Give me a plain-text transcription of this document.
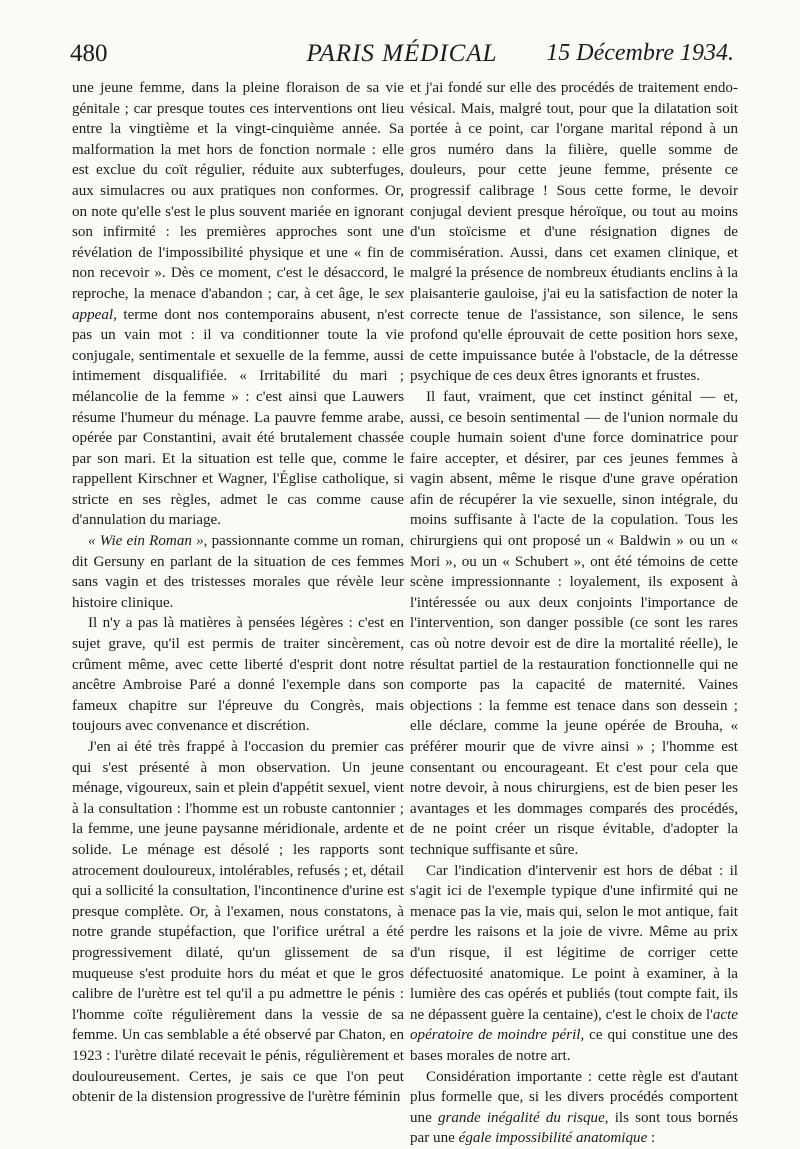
480	PARIS MÉDICAL	15 Décembre 1934.

une jeune femme, dans la pleine floraison de sa vie génitale ; car presque toutes ces interventions ont lieu entre la vingtième et la vingt-cinquième année. Sa malformation la met hors de fonction normale : elle est exclue du coït régulier, réduite aux subterfuges, aux simulacres ou aux pratiques non conformes. Or, on note qu'elle s'est le plus souvent mariée en ignorant son infirmité : les premières approches sont une révélation de l'impossibilité physique et une « fin de non recevoir ». Dès ce moment, c'est le désaccord, le reproche, la menace d'abandon ; car, à cet âge, le sex appeal, terme dont nos contemporains abusent, n'est pas un vain mot : il va conditionner toute la vie conjugale, sentimentale et sexuelle de la femme, aussi intimement disqualifiée. « Irritabilité du mari ; mélancolie de la femme » : c'est ainsi que Lauwers résume l'humeur du ménage. La pauvre femme arabe, opérée par Constantini, avait été brutalement chassée par son mari. Et la situation est telle que, comme le rappellent Kirschner et Wagner, l'Église catholique, si stricte en ses règles, admet le cas comme cause d'annulation du mariage.

« Wie ein Roman », passionnante comme un roman, dit Gersuny en parlant de la situation de ces femmes sans vagin et des tristesses morales que révèle leur histoire clinique.

Il n'y a pas là matières à pensées légères : c'est en sujet grave, qu'il est permis de traiter sincèrement, crûment même, avec cette liberté d'esprit dont notre ancêtre Ambroise Paré a donné l'exemple dans son fameux chapitre sur l'épreuve du Congrès, mais toujours avec convenance et discrétion.

J'en ai été très frappé à l'occasion du premier cas qui s'est présenté à mon observation. Un jeune ménage, vigoureux, sain et plein d'appétit sexuel, vient à la consultation : l'homme est un robuste cantonnier ; la femme, une jeune paysanne méridionale, ardente et solide. Le ménage est désolé ; les rapports sont atrocement douloureux, intolérables, refusés ; et, détail qui a sollicité la consultation, l'incontinence d'urine est presque complète. Or, à l'examen, nous constatons, à notre grande stupéfaction, que l'orifice urétral a été progressivement dilaté, qu'un glissement de sa muqueuse s'est produite hors du méat et que le gros calibre de l'urètre est tel qu'il a pu admettre le pénis : l'homme coïte régulièrement dans la vessie de sa femme. Un cas semblable a été observé par Chaton, en 1923 : l'urètre dilaté recevait le pénis, régulièrement et douloureusement. Certes, je sais ce que l'on peut obtenir de la distension progressive de l'urètre féminin

et j'ai fondé sur elle des procédés de traitement endo-vésical. Mais, malgré tout, pour que la dilatation soit portée à ce point, car l'organe marital répond à un gros numéro dans la filière, quelle somme de douleurs, pour cette jeune femme, présente ce progressif calibrage ! Sous cette forme, le devoir conjugal devient presque héroïque, ou tout au moins d'un stoïcisme et d'une résignation dignes de commisération. Aussi, dans cet examen clinique, et malgré la présence de nombreux étudiants enclins à la plaisanterie gauloise, j'ai eu la satisfaction de noter la correcte tenue de l'assistance, son silence, le sens profond qu'elle éprouvait de cette position hors sexe, de cette impuissance butée à l'obstacle, de la détresse psychique de ces deux êtres ignorants et frustes.

Il faut, vraiment, que cet instinct génital — et, aussi, ce besoin sentimental — de l'union normale du couple humain soient d'une force dominatrice pour faire accepter, et désirer, par ces jeunes femmes à vagin absent, même le risque d'une grave opération afin de récupérer la vie sexuelle, sinon intégrale, du moins suffisante à l'acte de la copulation. Tous les chirurgiens qui ont proposé un « Baldwin » ou un « Mori », ou un « Schubert », ont été témoins de cette scène impressionnante : loyalement, ils exposent à l'intéressée ou aux deux conjoints l'importance de l'intervention, son danger possible (ce sont les rares cas où notre devoir est de dire la mortalité réelle), le résultat partiel de la restauration fonctionnelle qui ne comporte pas la capacité de maternité. Vaines objections : la femme est tenace dans son dessein ; elle déclare, comme la jeune opérée de Brouha, « préférer mourir que de vivre ainsi » ; l'homme est consentant ou encourageant. Et c'est pour cela que notre devoir, à nous chirurgiens, est de bien peser les avantages et les dommages comparés des procédés, de ne point créer un risque évitable, d'adopter la technique suffisante et sûre.

Car l'indication d'intervenir est hors de débat : il s'agit ici de l'exemple typique d'une infirmité qui ne menace pas la vie, mais qui, selon le mot antique, fait perdre les raisons et la joie de vivre. Même au prix d'un risque, il est légitime de corriger cette défectuosité anatomique. Le point à examiner, à la lumière des cas opérés et publiés (tout compte fait, ils ne dépassent guère la centaine), c'est le choix de l'acte opératoire de moindre péril, ce qui constitue une des bases morales de notre art.

Considération importante : cette règle est d'autant plus formelle que, si les divers procédés comportent une grande inégalité du risque, ils sont tous bornés par une égale impossibilité anatomique :
